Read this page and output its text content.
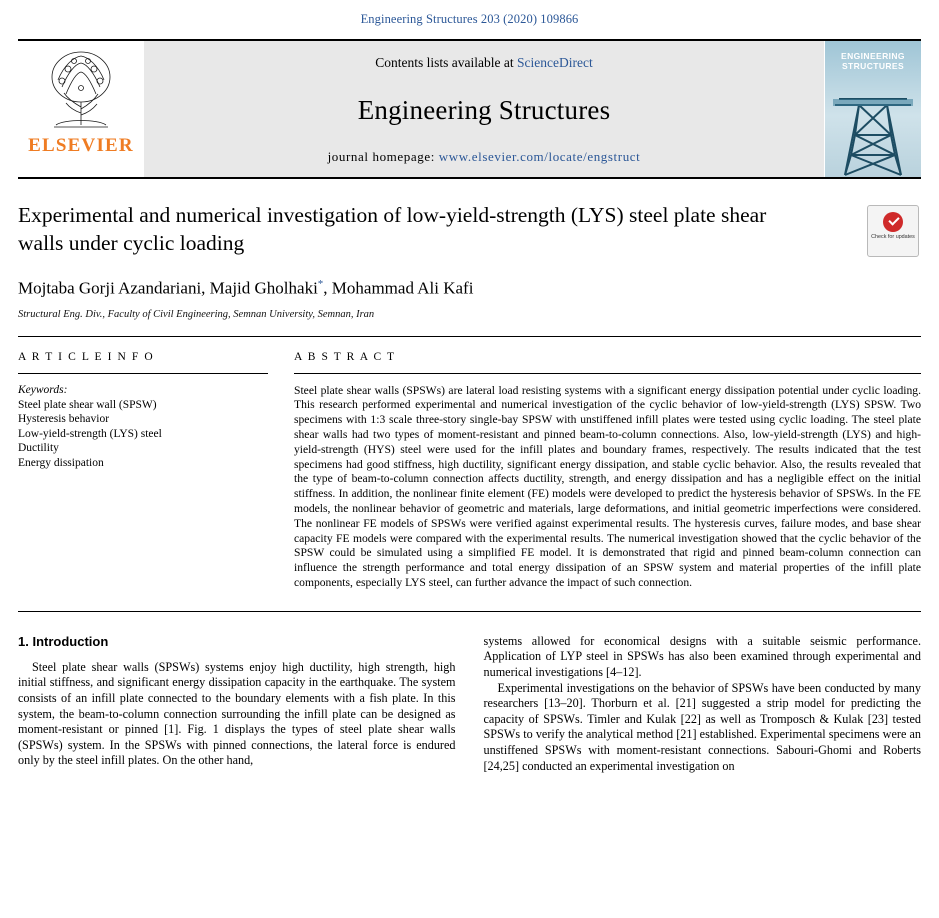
Engineering Structures 203 (2020) 109866
ELSEVIER
Contents lists available at ScienceDirect
Engineering Structures
journal homepage: www.elsevier.com/locate/engstruct
ENGINEERING
STRUCTURES
Experimental and numerical investigation of low-yield-strength (LYS) steel plate shear walls under cyclic loading
Mojtaba Gorji Azandariani, Majid Gholhaki*, Mohammad Ali Kafi
Structural Eng. Div., Faculty of Civil Engineering, Semnan University, Semnan, Iran
Check for updates
A R T I C L E I N F O
Keywords:
Steel plate shear wall (SPSW)
Hysteresis behavior
Low-yield-strength (LYS) steel
Ductility
Energy dissipation
A B S T R A C T
Steel plate shear walls (SPSWs) are lateral load resisting systems with a significant energy dissipation potential under cyclic loading. This research performed experimental and numerical investigation of the cyclic behavior of low-yield-strength (LYS) SPSW. Two specimens with 1:3 scale three-story single-bay SPSW with unstiffened infill plates were tested using cyclic loading. The steel plate shear walls had two types of moment-resistant and pinned beam-to-column connections. Also, low-yield-strength (LYS) and high-yield-strength (HYS) steel were used for the infill plates and boundary frames, respectively. The results indicated that the test specimens had good stiffness, high ductility, significant energy dissipation, and stable cyclic behavior. Also, the results revealed that the type of beam-to-column connection affects ductility, strength, and energy dissipation and has a negligible effect on the initial stiffness. In addition, the nonlinear finite element (FE) models were developed to predict the hysteresis behavior of SPSWs. In the FE models, the nonlinear behavior of geometric and materials, large deformations, and initial geometric imperfections were considered. The nonlinear FE models of SPSWs were verified against experimental results. The hysteresis curves, failure modes, and base shear capacity FE models were compared with the experimental results. The numerical investigation showed that the cyclic behavior of the SPSW could be simulated using a simplified FE model. It is demonstrated that rigid and pinned beam-column connection can influence the strength performance and total energy dissipation of an SPSW system and material properties of the infill plate components, especially LYS steel, can further advance the impact of such connection.
1. Introduction
Steel plate shear walls (SPSWs) systems enjoy high ductility, high strength, high initial stiffness, and significant energy dissipation capacity in the earthquake. The system consists of an infill plate connected to the boundary elements with a fish plate. In this system, the beam-to-column connection surrounding the infill plate can be designed as moment-resistant or pinned [1]. Fig. 1 displays the types of steel plate shear walls (SPSWs) system. In the SPSWs with pinned connections, the lateral force is endured only by the steel infill plates. On the other hand,
systems allowed for economical designs with a suitable seismic performance. Application of LYP steel in SPSWs has also been examined through experimental and numerical investigations [4–12].
Experimental investigations on the behavior of SPSWs have been conducted by many researchers [13–20]. Thorburn et al. [21] suggested a strip model for predicting the capacity of SPSWs. Timler and Kulak [22] as well as Tromposch & Kulak [23] tested SPSWs to verify the analytical method [21] established. Experimental specimens were an unstiffened SPSWs with moment-resistant connections. Sabouri-Ghomi and Roberts [24,25] conducted an experimental investigation on
